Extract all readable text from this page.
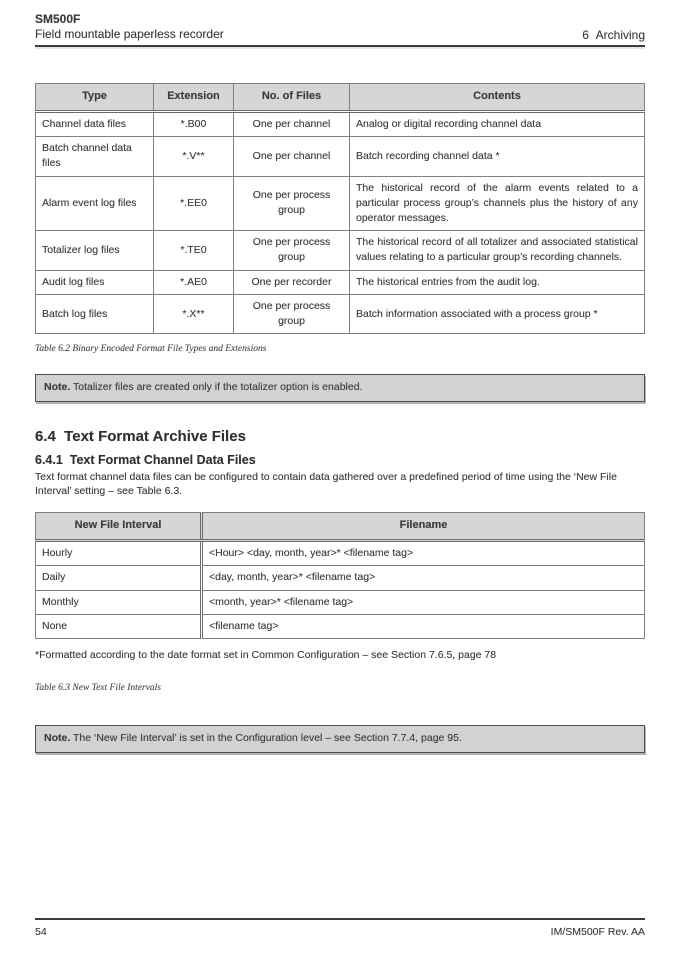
SM500F
Field mountable paperless recorder	6  Archiving
Type	Extension	No. of Files	Contents
Channel data files	*.B00	One per channel	Analog or digital recording channel data
Batch channel data files	*.V**	One per channel	Batch recording channel data *
Alarm event log files	*.EE0	One per process group	The historical record of the alarm events related to a particular process group’s channels plus the history of any operator messages.
Totalizer log files	*.TE0	One per process group	The historical record of all totalizer and associated statistical values relating to a particular group’s recording channels.
Audit log files	*.AE0	One per recorder	The historical entries from the audit log.
Batch log files	*.X**	One per process group	Batch information associated with a process group *
Table 6.2 Binary Encoded Format File Types and Extensions
Note. Totalizer files are created only if the totalizer option is enabled.
6.4  Text Format Archive Files
6.4.1  Text Format Channel Data Files
Text format channel data files can be configured to contain data gathered over a predefined period of time using the ‘New File Interval’ setting – see Table 6.3.
New File Interval	Filename
Hourly	<Hour> <day, month, year>* <filename tag>
Daily	<day, month, year>* <filename tag>
Monthly	<month, year>* <filename tag>
None	<filename tag>
*Formatted according to the date format set in Common Configuration – see Section 7.6.5, page 78
Table 6.3 New Text File Intervals
Note. The ‘New File Interval’ is set in the Configuration level – see Section 7.7.4, page 95.
54	IM/SM500F Rev. AA
